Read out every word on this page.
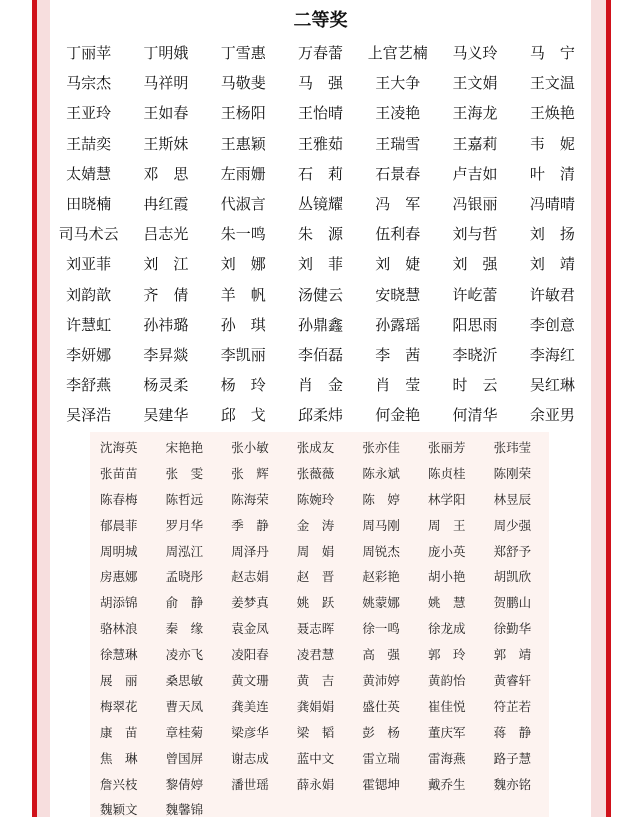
二等奖
丁丽苹	丁明娥	丁雪惠	万春蕾	上官艺楠	马义玲	马　宁
马宗杰	马祥明	马敬斐	马　强	王大争	王文娟	王文温
王亚玲	王如春	王杨阳	王怡晴	王凌艳	王海龙	王焕艳
王喆奕	王斯妹	王惠颖	王雅茹	王瑞雪	王嘉莉	韦　妮
太婧慧	邓　思	左雨姗	石　莉	石景春	卢吉如	叶　清
田晓楠	冉红霞	代淑言	丛镜耀	冯　军	冯银丽	冯晴晴
司马术云	吕志光	朱一鸣	朱　源	伍利春	刘与哲	刘　扬
刘亚菲	刘　江	刘　娜	刘　菲	刘　婕	刘　强	刘　靖
刘韵歆	齐　倩	羊　帆	汤健云	安晓慧	许屹蕾	许敏君
许慧虹	孙祎璐	孙　琪	孙鼎鑫	孙露瑶	阳思雨	李创意
李妍娜	李昇燚	李凯丽	李佰磊	李　茜	李晓沂	李海红
李舒燕	杨灵柔	杨　玲	肖　金	肖　莹	时　云	吴红琳
吴泽浩	吴建华	邱　戈	邱柔炜	何金艳	何清华	余亚男
沈海英	宋艳艳	张小敏	张成友	张亦佳	张丽芳	张玮莹
张苗苗	张　雯	张　辉	张薇薇	陈永斌	陈贞桂	陈刚荣
陈春梅	陈哲远	陈海荣	陈婉玲	陈　婷	林学阳	林昱辰
郁晨菲	罗月华	季　静	金　涛	周马刚	周　王	周少强
周明城	周泓江	周泽丹	周　娟	周锐杰	庞小英	郑舒予
房惠娜	孟晓彤	赵志娟	赵　晋	赵彩艳	胡小艳	胡凯欣
胡添锦	俞　静	姜梦真	姚　跃	姚蒙娜	姚　慧	贺鹏山
骆林浪	秦　缘	袁金凤	聂志晖	徐一鸣	徐龙成	徐勤华
徐慧琳	凌亦飞	凌阳春	凌君慧	高　强	郭　玲	郭　靖
展　丽	桑思敏	黄文珊	黄　吉	黄沛婷	黄韵怡	黄睿轩
梅翠花	曹天凤	龚美连	龚娟娟	盛仕英	崔佳悦	符芷若
康　苗	章桂菊	梁彦华	梁　韬	彭　杨	董庆军	蒋　静
焦　琳	曾国屏	谢志成	蓝中文	雷立瑞	雷海燕	路子慧
詹兴枝	黎倩婷	潘世瑶	薛永娟	霍锶坤	戴乔生	魏亦铭
魏颖文	魏馨锦
